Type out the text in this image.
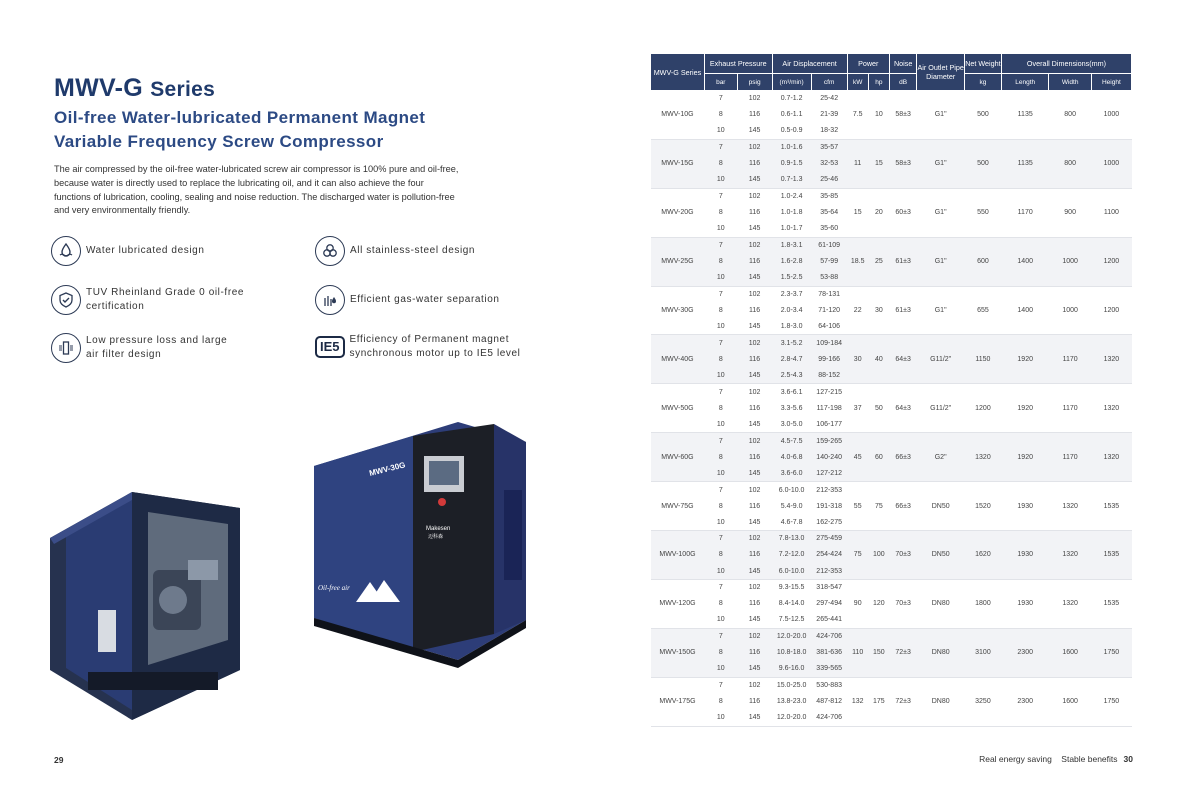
MWV-G Series
Oil-free Water-lubricated Permanent Magnet
Variable Frequency Screw Compressor

The air compressed by the oil-free water-lubricated screw air compressor is 100% pure and oil-free, because water is directly used to replace the lubricating oil, and it can also achieve the four functions of lubrication, cooling, sealing and noise reduction. The discharged water is pollution-free and very environmentally friendly.

Water lubricated design	All stainless-steel design
TUV Rheinland Grade 0 oil-free
certification
Efficient gas-water separation
Low pressure loss and large
air filter design
IE5	Efficiency of Permanent magnet
synchronous motor up to IE5 level
MWV-30G
Makesen
迈科森
Oil-free air
29	Real energy saving    Stable benefits 30
MWV-G Series	Exhaust Pressure		Air Displacement		Power		Noise	Air Outlet Pipe Diameter	Net Weight	Overall Dimensions(mm)		
	bar	psig	(m³/min)	cfm	kW	hp	dB		kg	Length	Width	Height
MWV-10G	7	102	0.7-1.2	25-42	7.5	10	58±3	G1"	500	1135	800	1000
	8	116	0.6-1.1	21-39								
	10	145	0.5-0.9	18-32								
MWV-15G	7	102	1.0-1.6	35-57	11	15	58±3	G1"	500	1135	800	1000
	8	116	0.9-1.5	32-53								
	10	145	0.7-1.3	25-46								
MWV-20G	7	102	1.0-2.4	35-85	15	20	60±3	G1"	550	1170	900	1100
	8	116	1.0-1.8	35-64								
	10	145	1.0-1.7	35-60								
MWV-25G	7	102	1.8-3.1	61-109	18.5	25	61±3	G1"	600	1400	1000	1200
	8	116	1.6-2.8	57-99								
	10	145	1.5-2.5	53-88								
MWV-30G	7	102	2.3-3.7	78-131	22	30	61±3	G1"	655	1400	1000	1200
	8	116	2.0-3.4	71-120								
	10	145	1.8-3.0	64-106								
MWV-40G	7	102	3.1-5.2	109-184	30	40	64±3	G11/2"	1150	1920	1170	1320
	8	116	2.8-4.7	99-166								
	10	145	2.5-4.3	88-152								
MWV-50G	7	102	3.6-6.1	127-215	37	50	64±3	G11/2"	1200	1920	1170	1320
	8	116	3.3-5.6	117-198								
	10	145	3.0-5.0	106-177								
MWV-60G	7	102	4.5-7.5	159-265	45	60	66±3	G2"	1320	1920	1170	1320
	8	116	4.0-6.8	140-240								
	10	145	3.6-6.0	127-212								
MWV-75G	7	102	6.0-10.0	212-353	55	75	66±3	DN50	1520	1930	1320	1535
	8	116	5.4-9.0	191-318								
	10	145	4.6-7.8	162-275								
MWV-100G	7	102	7.8-13.0	275-459	75	100	70±3	DN50	1620	1930	1320	1535
	8	116	7.2-12.0	254-424								
	10	145	6.0-10.0	212-353								
MWV-120G	7	102	9.3-15.5	318-547	90	120	70±3	DN80	1800	1930	1320	1535
	8	116	8.4-14.0	297-494								
	10	145	7.5-12.5	265-441								
MWV-150G	7	102	12.0-20.0	424-706	110	150	72±3	DN80	3100	2300	1600	1750
	8	116	10.8-18.0	381-636								
	10	145	9.6-16.0	339-565								
MWV-175G	7	102	15.0-25.0	530-883	132	175	72±3	DN80	3250	2300	1600	1750
	8	116	13.8-23.0	487-812								
	10	145	12.0-20.0	424-706								
